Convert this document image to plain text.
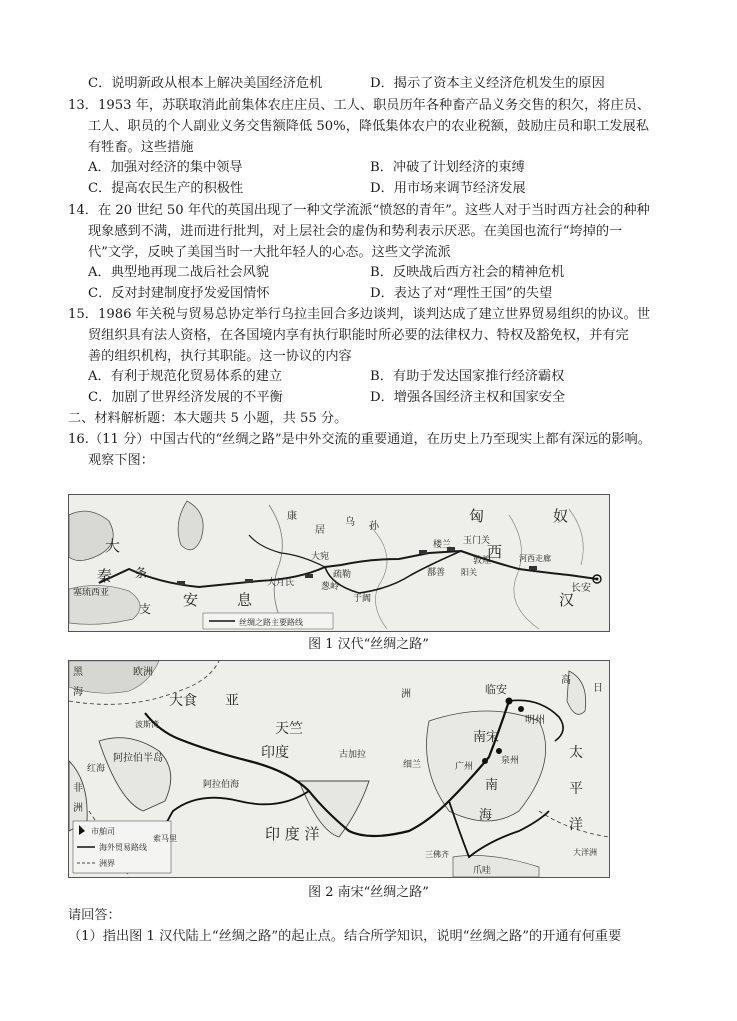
C．说明新政从根本上解决美国经济危机	D．揭示了资本主义经济危机发生的原因
13．1953 年，苏联取消此前集体农庄庄员、工人、职员历年各种畜产品义务交售的积欠，将庄员、
工人、职员的个人副业义务交售额降低 50%，降低集体农户的农业税额，鼓励庄员和职工发展私
有牲畜。这些措施
A．加强对经济的集中领导	B．冲破了计划经济的束缚
C．提高农民生产的积极性	D．用市场来调节经济发展
14．在 20 世纪 50 年代的英国出现了一种文学流派“愤怒的青年”。这些人对于当时西方社会的种种
现象感到不满，进而进行批判，对上层社会的虚伪和势利表示厌恶。在美国也流行“垮掉的一
代”文学，反映了美国当时一大批年轻人的心态。这些文学流派
A．典型地再现二战后社会风貌	B．反映战后西方社会的精神危机
C．反对封建制度抒发爱国情怀	D．表达了对“理性王国”的失望
15．1986 年关税与贸易总协定举行乌拉圭回合多边谈判，谈判达成了建立世界贸易组织的协议。世
贸组织具有法人资格，在各国境内享有执行职能时所必要的法律权力、特权及豁免权，并有完
善的组织机构，执行其职能。这一协议的内容
A．有利于规范化贸易体系的建立	B．有助于发达国家推行经济霸权
C．加剧了世界经济发展的不平衡	D．增强各国经济主权和国家安全
二、材料解析题：本大题共 5 小题，共 55 分。
16.（11 分）中国古代的“丝绸之路”是中外交流的重要通道，在历史上乃至现实上都有深远的影响。
观察下图：
丝绸之路主要路线
匈	奴
西
汉
大
秦 条
支 安	息
康
居
乌 孙
大宛
楼兰 玉门关
敦煌
疏勒	鄯善 阳关
河西走廊
长安
于阗
大月氏	葱岭
塞琉西亚
图 1 汉代“丝绸之路”
市舶司
海外贸易路线
洲界
黑
海
欧洲
大食 亚
波斯湾
阿拉伯半岛
红海
非
洲
阿拉伯海
天竺
印度
洲	临安
明州
南宋
广州
泉州
南
海
细兰
古加拉	太
平
洋
印 度 洋
索马里
三佛齐
爪哇
大洋洲
高
日
图 2 南宋“丝绸之路”
请回答：
（1）指出图 1 汉代陆上“丝绸之路”的起止点。结合所学知识，说明“丝绸之路”的开通有何重要
